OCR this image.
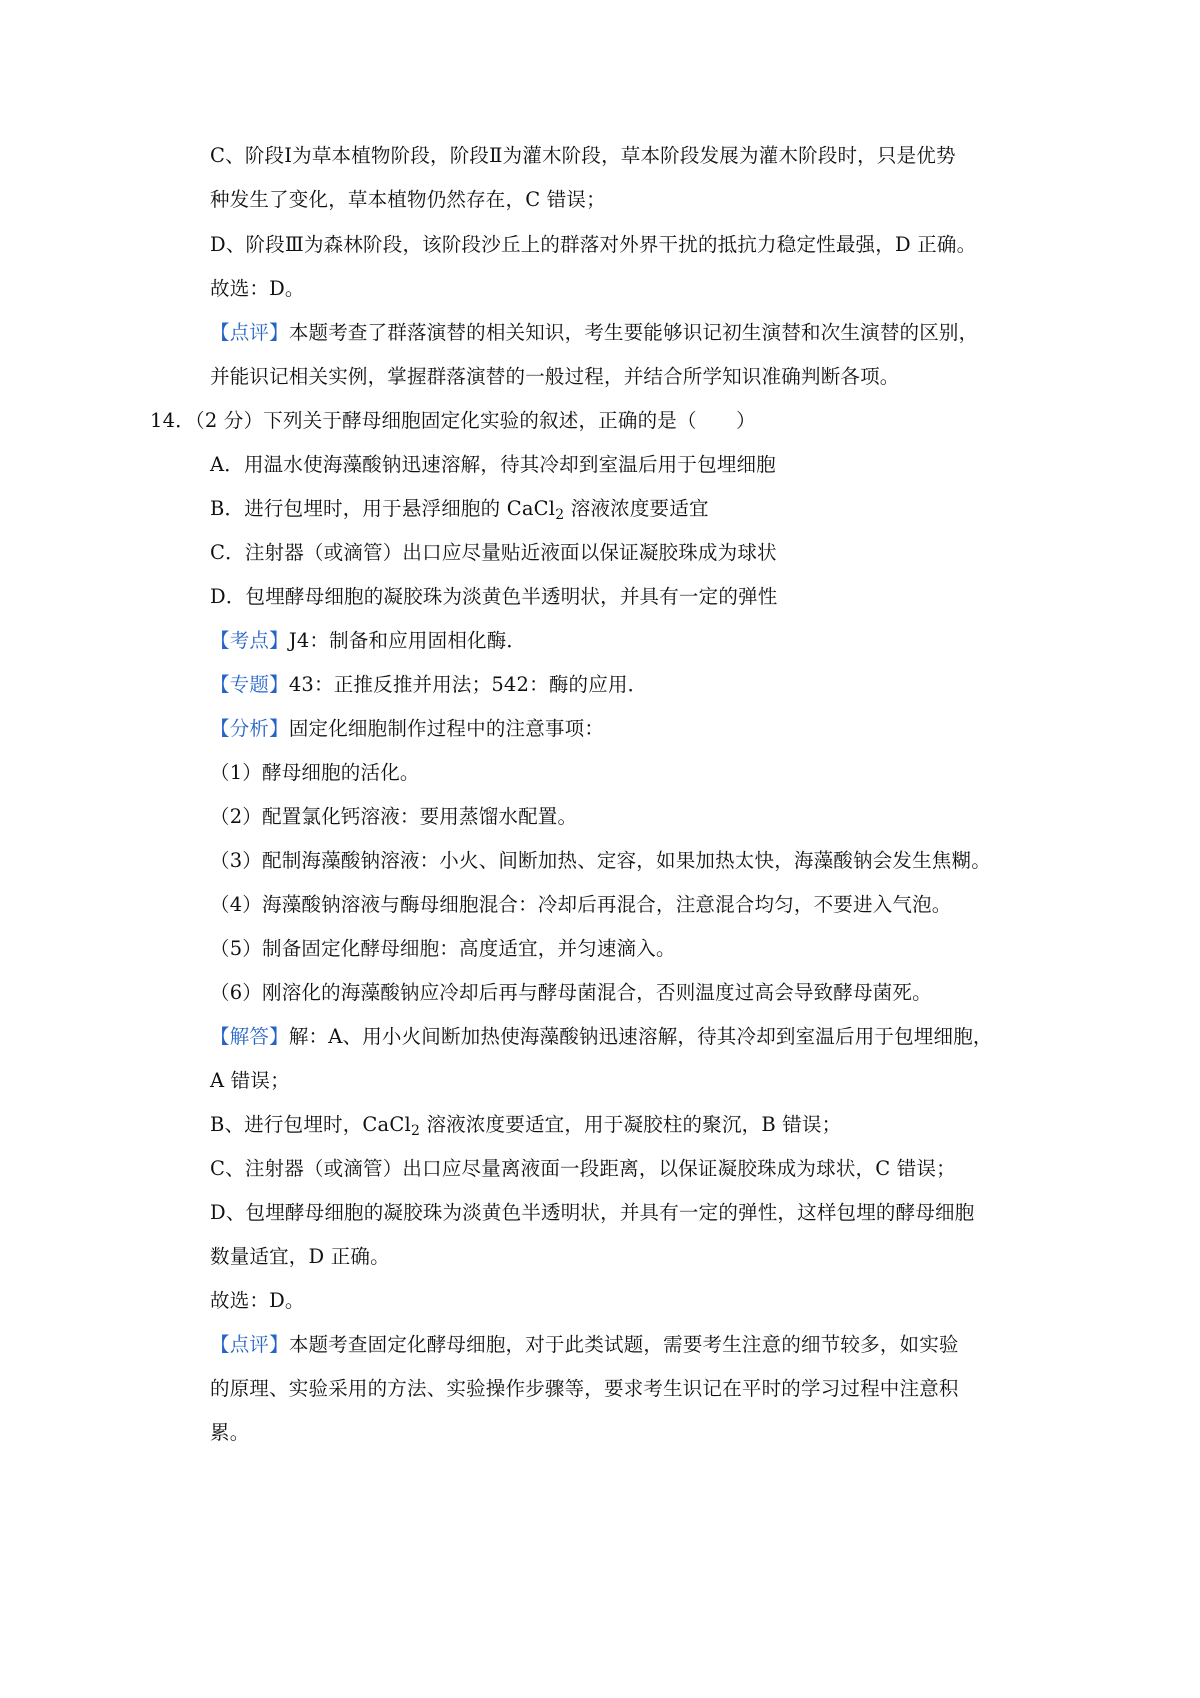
C、阶段Ⅰ为草本植物阶段，阶段Ⅱ为灌木阶段，草本阶段发展为灌木阶段时，只是优势
种发生了变化，草本植物仍然存在，C 错误；
D、阶段Ⅲ为森林阶段，该阶段沙丘上的群落对外界干扰的抵抗力稳定性最强，D 正确。
故选：D。
【点评】本题考查了群落演替的相关知识，考生要能够识记初生演替和次生演替的区别，
并能识记相关实例，掌握群落演替的一般过程，并结合所学知识准确判断各项。
14．（2 分）下列关于酵母细胞固定化实验的叙述，正确的是（　　）
A．用温水使海藻酸钠迅速溶解，待其冷却到室温后用于包埋细胞
B．进行包埋时，用于悬浮细胞的 CaCl$_2$ 溶液浓度要适宜
C．注射器（或滴管）出口应尽量贴近液面以保证凝胶珠成为球状
D．包埋酵母细胞的凝胶珠为淡黄色半透明状，并具有一定的弹性
【考点】J4：制备和应用固相化酶．
【专题】43：正推反推并用法；542：酶的应用．
【分析】固定化细胞制作过程中的注意事项：
（1）酵母细胞的活化。
（2）配置氯化钙溶液：要用蒸馏水配置。
（3）配制海藻酸钠溶液：小火、间断加热、定容，如果加热太快，海藻酸钠会发生焦糊。
（4）海藻酸钠溶液与酶母细胞混合：冷却后再混合，注意混合均匀，不要进入气泡。
（5）制备固定化酵母细胞：高度适宜，并匀速滴入。
（6）刚溶化的海藻酸钠应冷却后再与酵母菌混合，否则温度过高会导致酵母菌死。
【解答】解：A、用小火间断加热使海藻酸钠迅速溶解，待其冷却到室温后用于包埋细胞，
A 错误；
B、进行包埋时，CaCl$_2$ 溶液浓度要适宜，用于凝胶柱的聚沉，B 错误；
C、注射器（或滴管）出口应尽量离液面一段距离，以保证凝胶珠成为球状，C 错误；
D、包埋酵母细胞的凝胶珠为淡黄色半透明状，并具有一定的弹性，这样包埋的酵母细胞
数量适宜，D 正确。
故选：D。
【点评】本题考查固定化酵母细胞，对于此类试题，需要考生注意的细节较多，如实验
的原理、实验采用的方法、实验操作步骤等，要求考生识记在平时的学习过程中注意积
累。
